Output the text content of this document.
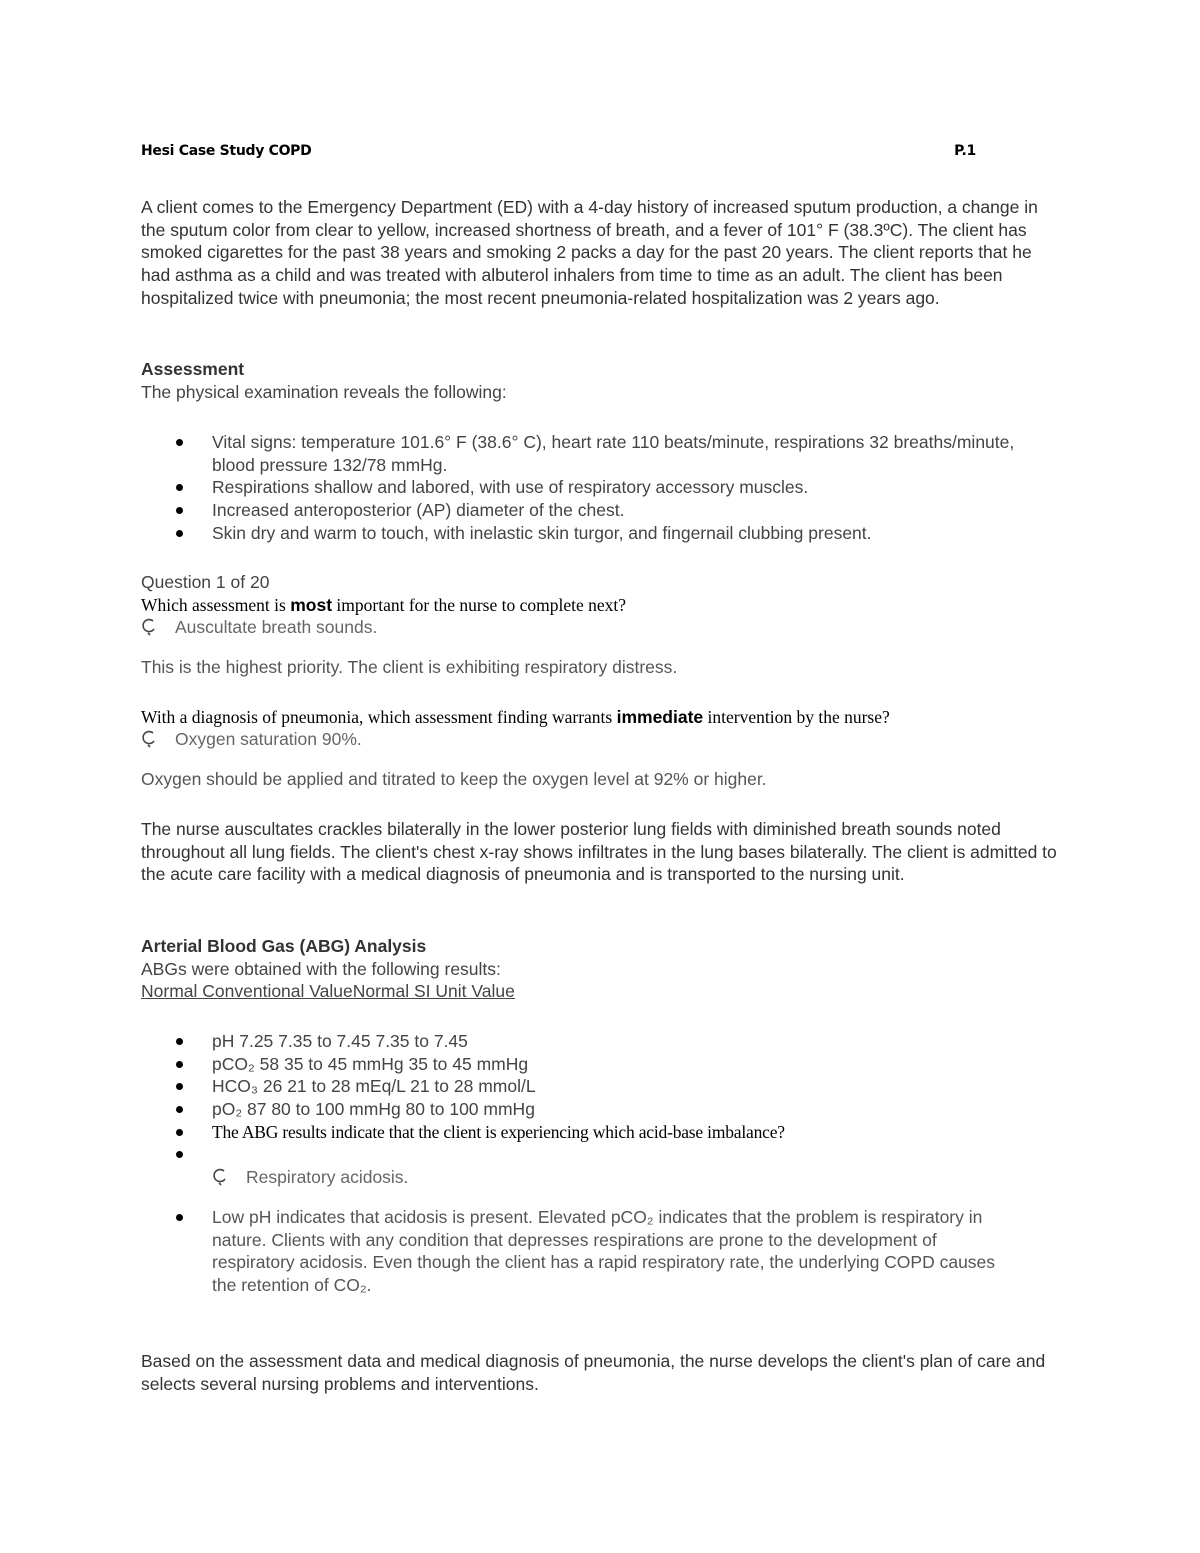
Hesi Case Study COPD	P.1
A client comes to the Emergency Department (ED) with a 4-day history of increased sputum production, a change in the sputum color from clear to yellow, increased shortness of breath, and a fever of 101° F (38.3ºC). The client has smoked cigarettes for the past 38 years and smoking 2 packs a day for the past 20 years. The client reports that he had asthma as a child and was treated with albuterol inhalers from time to time as an adult. The client has been hospitalized twice with pneumonia; the most recent pneumonia-related hospitalization was 2 years ago.
Assessment
The physical examination reveals the following:
Vital signs: temperature 101.6° F (38.6° C), heart rate 110 beats/minute, respirations 32 breaths/minute, blood pressure 132/78 mmHg.
Respirations shallow and labored, with use of respiratory accessory muscles.
Increased anteroposterior (AP) diameter of the chest.
Skin dry and warm to touch, with inelastic skin turgor, and fingernail clubbing present.
Question 1 of 20
Which assessment is most important for the nurse to complete next?
Auscultate breath sounds.
This is the highest priority. The client is exhibiting respiratory distress.
With a diagnosis of pneumonia, which assessment finding warrants immediate intervention by the nurse?
Oxygen saturation 90%.
Oxygen should be applied and titrated to keep the oxygen level at 92% or higher.
The nurse auscultates crackles bilaterally in the lower posterior lung fields with diminished breath sounds noted throughout all lung fields. The client's chest x-ray shows infiltrates in the lung bases bilaterally. The client is admitted to the acute care facility with a medical diagnosis of pneumonia and is transported to the nursing unit.
Arterial Blood Gas (ABG) Analysis
ABGs were obtained with the following results:
Normal Conventional ValueNormal SI Unit Value
pH 7.25 7.35 to 7.45 7.35 to 7.45
pCO₂ 58 35 to 45 mmHg 35 to 45 mmHg
HCO₃ 26 21 to 28 mEq/L 21 to 28 mmol/L
pO₂ 87 80 to 100 mmHg 80 to 100 mmHg
The ABG results indicate that the client is experiencing which acid-base imbalance?
Respiratory acidosis.
Low pH indicates that acidosis is present. Elevated pCO₂ indicates that the problem is respiratory in nature. Clients with any condition that depresses respirations are prone to the development of respiratory acidosis. Even though the client has a rapid respiratory rate, the underlying COPD causes the retention of CO₂.
Based on the assessment data and medical diagnosis of pneumonia, the nurse develops the client's plan of care and selects several nursing problems and interventions.
